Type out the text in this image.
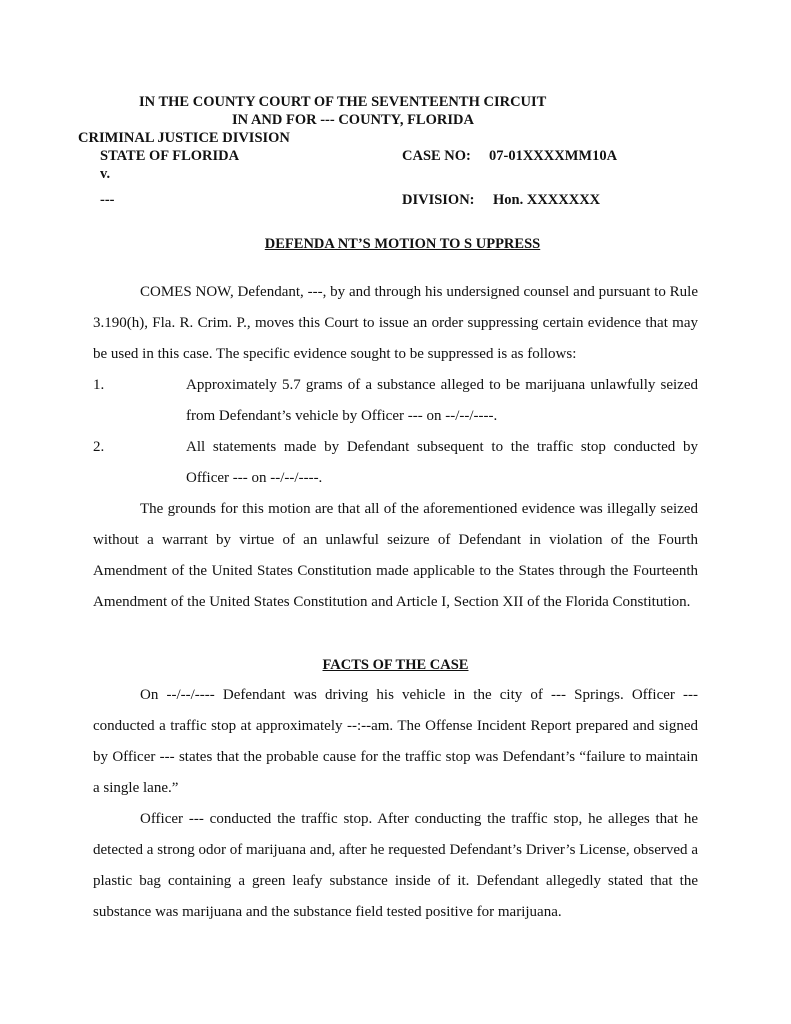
IN THE COUNTY COURT OF THE SEVENTEENTH CIRCUIT
IN AND FOR --- COUNTY, FLORIDA
CRIMINAL JUSTICE DIVISION
STATE OF FLORIDA
v.
---
CASE NO: 07-01XXXXMM10A
DIVISION: Hon. XXXXXXX
DEFENDA NT’S MOTION TO S UPPRESS
COMES NOW, Defendant, ---, by and through his undersigned counsel and pursuant to Rule 3.190(h), Fla. R. Crim. P., moves this Court to issue an order suppressing certain evidence that may be used in this case. The specific evidence sought to be suppressed is as follows:
1.	Approximately 5.7 grams of a substance alleged to be marijuana unlawfully seized from Defendant’s vehicle by Officer --- on --/--/----.
2.	All statements made by Defendant subsequent to the traffic stop conducted by Officer --- on --/--/----.
The grounds for this motion are that all of the aforementioned evidence was illegally seized without a warrant by virtue of an unlawful seizure of Defendant in violation of the Fourth Amendment of the United States Constitution made applicable to the States through the Fourteenth Amendment of the United States Constitution and Article I, Section XII of the Florida Constitution.
FACTS OF THE CASE
On --/--/---- Defendant was driving his vehicle in the city of --- Springs. Officer --- conducted a traffic stop at approximately --:--am. The Offense Incident Report prepared and signed by Officer --- states that the probable cause for the traffic stop was Defendant’s “failure to maintain a single lane.”
Officer --- conducted the traffic stop. After conducting the traffic stop, he alleges that he detected a strong odor of marijuana and, after he requested Defendant’s Driver’s License, observed a plastic bag containing a green leafy substance inside of it. Defendant allegedly stated that the substance was marijuana and the substance field tested positive for marijuana.
